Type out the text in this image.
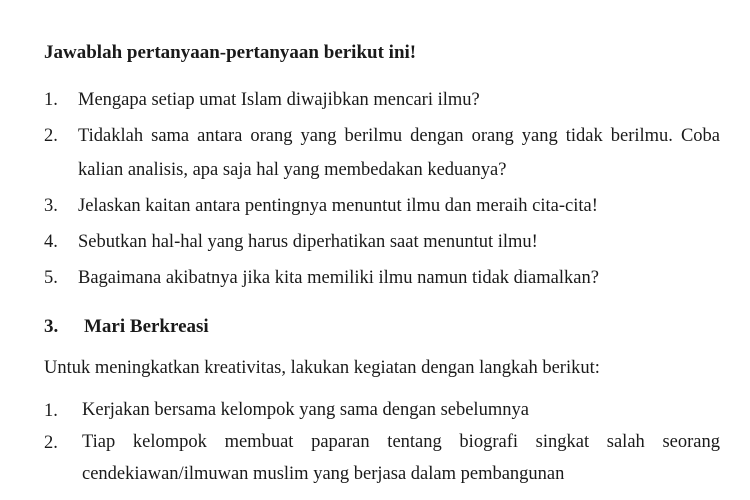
Jawablah pertanyaan-pertanyaan berikut ini!
1. Mengapa setiap umat Islam diwajibkan mencari ilmu?
2. Tidaklah sama antara orang yang berilmu dengan orang yang tidak berilmu. Coba kalian analisis, apa saja hal yang membedakan keduanya?
3. Jelaskan kaitan antara pentingnya menuntut ilmu dan meraih cita-cita!
4. Sebutkan hal-hal yang harus diperhatikan saat menuntut ilmu!
5. Bagaimana akibatnya jika kita memiliki ilmu namun tidak diamalkan?
3. Mari Berkreasi
Untuk meningkatkan kreativitas, lakukan kegiatan dengan langkah berikut:
1. Kerjakan bersama kelompok yang sama dengan sebelumnya
2. Tiap kelompok membuat paparan tentang biografi singkat salah seorang cendekiawan/ilmuwan muslim yang berjasa dalam pembangunan
